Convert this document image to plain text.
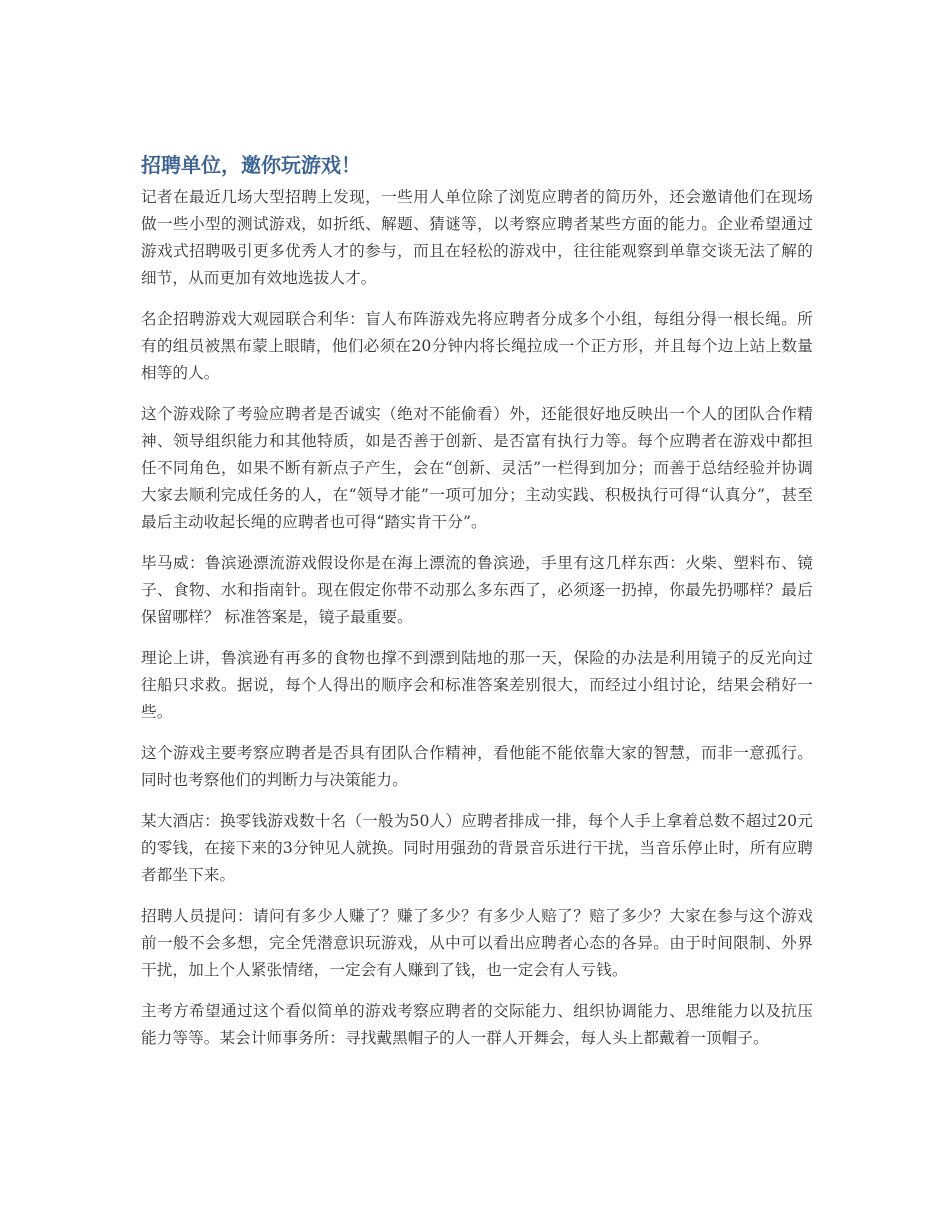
招聘单位，邀你玩游戏！

记者在最近几场大型招聘上发现，一些用人单位除了浏览应聘者的简历外，还会邀请他们在现场做一些小型的测试游戏，如折纸、解题、猜谜等，以考察应聘者某些方面的能力。企业希望通过游戏式招聘吸引更多优秀人才的参与，而且在轻松的游戏中，往往能观察到单靠交谈无法了解的细节，从而更加有效地选拔人才。

名企招聘游戏大观园联合利华：盲人布阵游戏先将应聘者分成多个小组，每组分得一根长绳。所有的组员被黑布蒙上眼睛，他们必须在20分钟内将长绳拉成一个正方形，并且每个边上站上数量相等的人。

这个游戏除了考验应聘者是否诚实（绝对不能偷看）外，还能很好地反映出一个人的团队合作精神、领导组织能力和其他特质，如是否善于创新、是否富有执行力等。每个应聘者在游戏中都担任不同角色，如果不断有新点子产生，会在“创新、灵活”一栏得到加分；而善于总结经验并协调大家去顺利完成任务的人，在“领导才能”一项可加分；主动实践、积极执行可得“认真分”，甚至最后主动收起长绳的应聘者也可得“踏实肯干分”。

毕马威：鲁滨逊漂流游戏假设你是在海上漂流的鲁滨逊，手里有这几样东西：火柴、塑料布、镜子、食物、水和指南针。现在假定你带不动那么多东西了，必须逐一扔掉，你最先扔哪样？最后保留哪样？ 标准答案是，镜子最重要。

理论上讲，鲁滨逊有再多的食物也撑不到漂到陆地的那一天，保险的办法是利用镜子的反光向过往船只求救。据说，每个人得出的顺序会和标准答案差别很大，而经过小组讨论，结果会稍好一些。

这个游戏主要考察应聘者是否具有团队合作精神，看他能不能依靠大家的智慧，而非一意孤行。同时也考察他们的判断力与决策能力。

某大酒店：换零钱游戏数十名（一般为50人）应聘者排成一排，每个人手上拿着总数不超过20元的零钱，在接下来的3分钟见人就换。同时用强劲的背景音乐进行干扰，当音乐停止时，所有应聘者都坐下来。

招聘人员提问：请问有多少人赚了？赚了多少？有多少人赔了？赔了多少？大家在参与这个游戏前一般不会多想，完全凭潜意识玩游戏，从中可以看出应聘者心态的各异。由于时间限制、外界干扰，加上个人紧张情绪，一定会有人赚到了钱，也一定会有人亏钱。

主考方希望通过这个看似简单的游戏考察应聘者的交际能力、组织协调能力、思维能力以及抗压能力等等。某会计师事务所：寻找戴黑帽子的人一群人开舞会，每人头上都戴着一顶帽子。
